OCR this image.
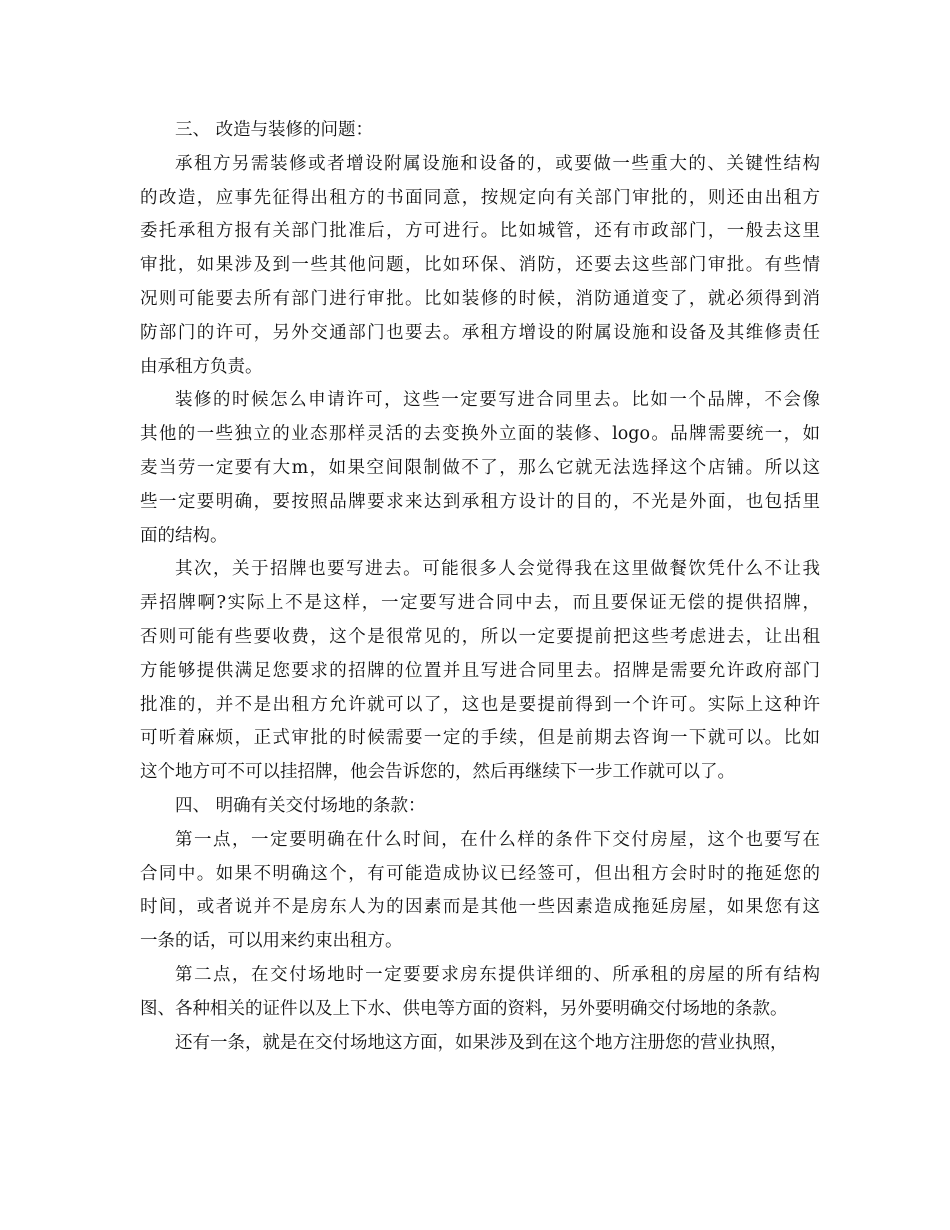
三、 改造与装修的问题：
承租方另需装修或者增设附属设施和设备的，或要做一些重大的、关键性结构
的改造，应事先征得出租方的书面同意，按规定向有关部门审批的，则还由出租方
委托承租方报有关部门批准后，方可进行。比如城管，还有市政部门，一般去这里
审批，如果涉及到一些其他问题，比如环保、消防，还要去这些部门审批。有些情
况则可能要去所有部门进行审批。比如装修的时候，消防通道变了，就必须得到消
防部门的许可，另外交通部门也要去。承租方增设的附属设施和设备及其维修责任
由承租方负责。
装修的时候怎么申请许可，这些一定要写进合同里去。比如一个品牌，不会像
其他的一些独立的业态那样灵活的去变换外立面的装修、logo。品牌需要统一，如
麦当劳一定要有大m，如果空间限制做不了，那么它就无法选择这个店铺。所以这
些一定要明确，要按照品牌要求来达到承租方设计的目的，不光是外面，也包括里
面的结构。
其次，关于招牌也要写进去。可能很多人会觉得我在这里做餐饮凭什么不让我
弄招牌啊?实际上不是这样，一定要写进合同中去，而且要保证无偿的提供招牌，
否则可能有些要收费，这个是很常见的，所以一定要提前把这些考虑进去，让出租
方能够提供满足您要求的招牌的位置并且写进合同里去。招牌是需要允许政府部门
批准的，并不是出租方允许就可以了，这也是要提前得到一个许可。实际上这种许
可听着麻烦，正式审批的时候需要一定的手续，但是前期去咨询一下就可以。比如
这个地方可不可以挂招牌，他会告诉您的，然后再继续下一步工作就可以了。
四、 明确有关交付场地的条款：
第一点，一定要明确在什么时间，在什么样的条件下交付房屋，这个也要写在
合同中。如果不明确这个，有可能造成协议已经签可，但出租方会时时的拖延您的
时间，或者说并不是房东人为的因素而是其他一些因素造成拖延房屋，如果您有这
一条的话，可以用来约束出租方。
第二点，在交付场地时一定要要求房东提供详细的、所承租的房屋的所有结构
图、各种相关的证件以及上下水、供电等方面的资料，另外要明确交付场地的条款。
还有一条，就是在交付场地这方面，如果涉及到在这个地方注册您的营业执照，
